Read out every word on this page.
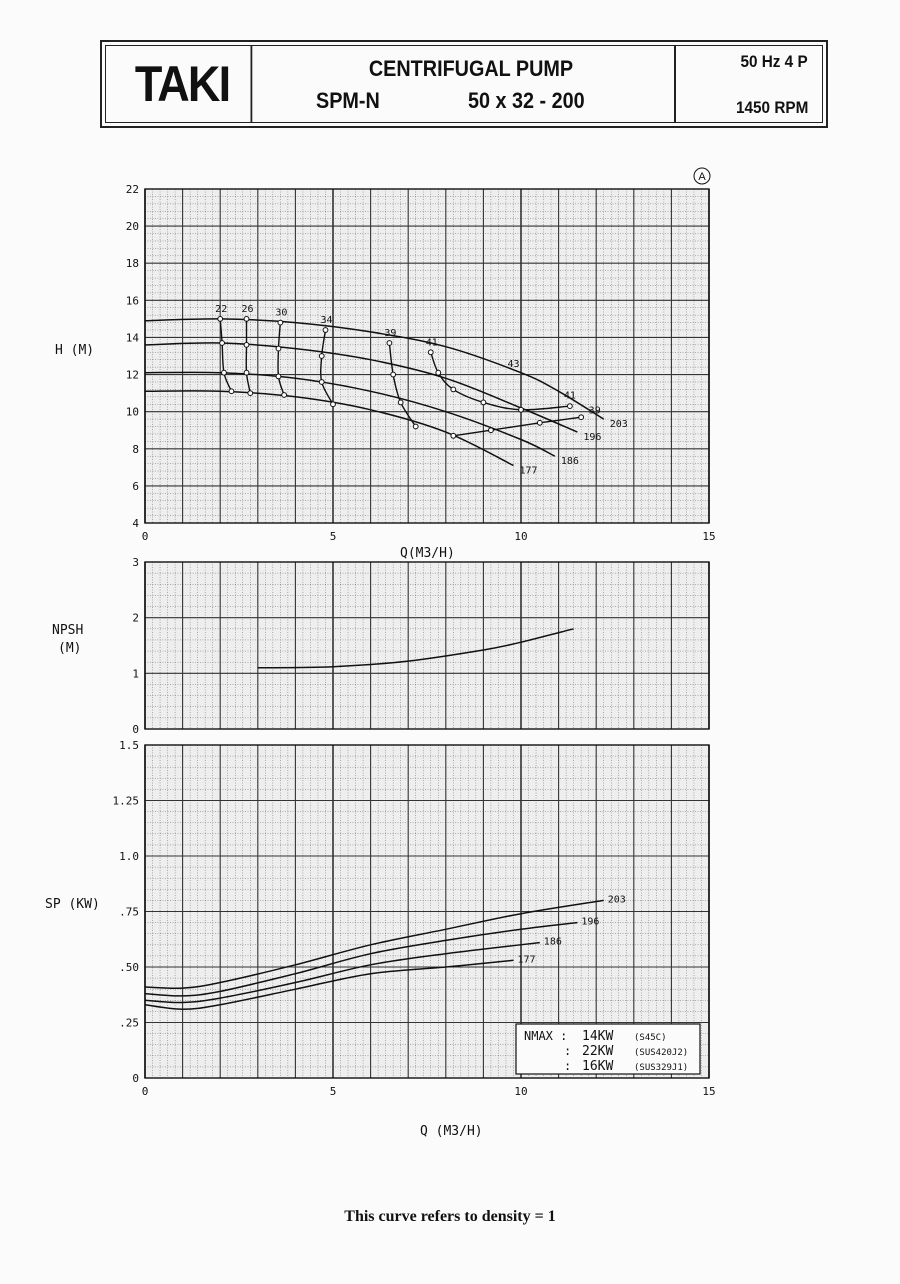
TAKI	CENTRIFUGAL PUMP
SPM-N	50 x 32 - 200
50 Hz 4 P
1450 RPM
4
6
8
10
12
14
16
18
20
22
0	5	10	15
0
1
2
3
0
.25
.50
.75
1.0
1.25
1.5
0	5	10	15
A
H (M)
Q(M3/H)
203
196
186
177
22 26 30
34
39
41
43
41
39
NPSH
(M)
SP (KW)
Q (M3/H)
203
196
186
177
NMAX : 14KW (S45C)
: 22KW (SUS420J2)
: 16KW (SUS329J1)
This curve refers to density = 1
